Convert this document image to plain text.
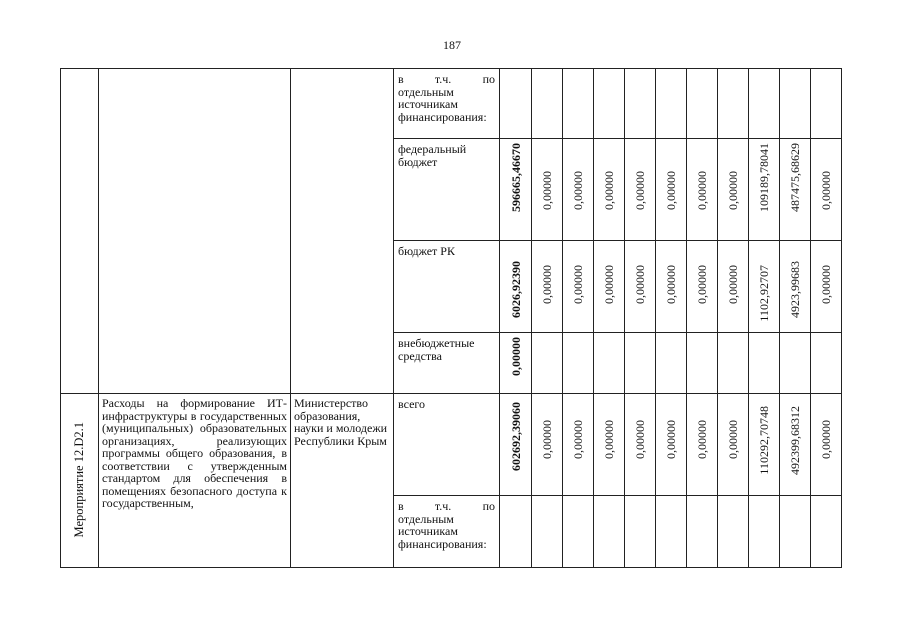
187

			в т.ч. по
отдельным источникам финансирования:											

			федеральный бюджет	596665,46670	0,00000	0,00000	0,00000	0,00000	0,00000	0,00000	0,00000	109189,78041	487475,68629	0,00000

			бюджет РК	6026,92390	0,00000	0,00000	0,00000	0,00000	0,00000	0,00000	0,00000	1102,92707	4923,99683	0,00000

			внебюджетные средства	0,00000										

Мероприятие 12.D2.1	Расходы на формирование ИТ-инфраструктуры в государственных (муниципальных) образовательных организациях, реализующих программы общего образования, в соответствии с утвержденным стандартом для обеспечения в помещениях безопасного доступа к государственным,	Министерство образования, науки и молодежи Республики Крым	всего	602692,39060	0,00000	0,00000	0,00000	0,00000	0,00000	0,00000	0,00000	110292,70748	492399,68312	0,00000

			в т.ч. по
отдельным источникам финансирования:											
